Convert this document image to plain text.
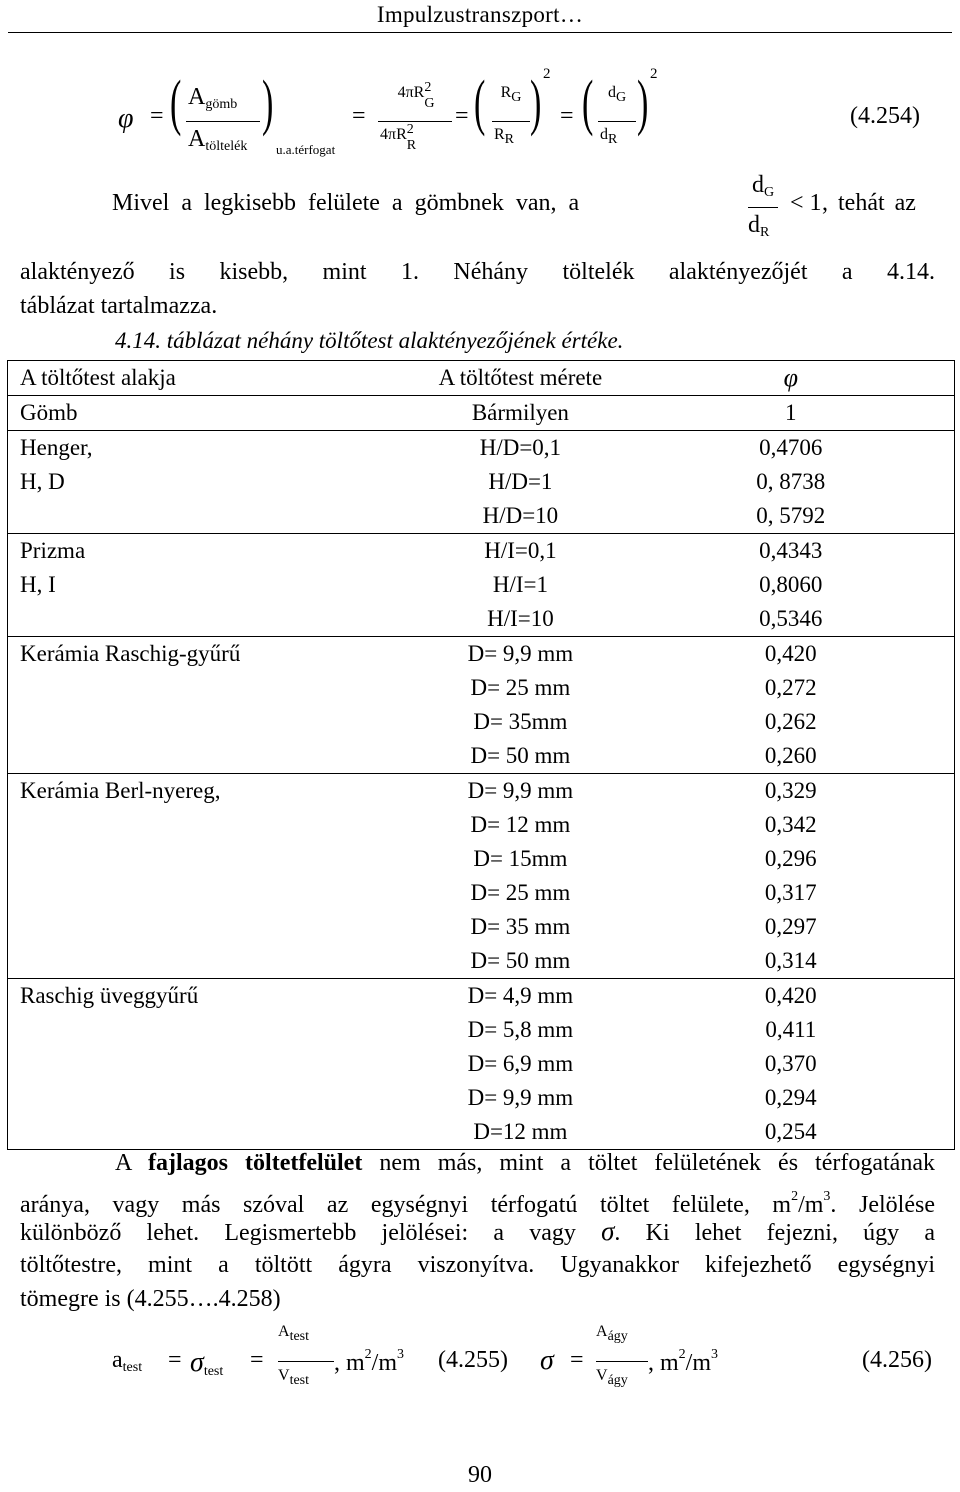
Impulzustranszport…
φ = ( $A_{gömb}$
$A_{töltelék}$
)
u.a.térfogat
=
4πR 2
G
4πR 2
R
= ( RG
RR
) 2
= ( dG
dR
) 2
(4.254)
Mivel a legkisebb felülete a gömbnek van, a
$d_G$
$d_R$
< 1 , tehát az
alaktényező is kisebb, mint 1. Néhány töltelék alaktényezőjét a 4.14.
táblázat tartalmazza.
4.14. táblázat néhány töltőtest alaktényezőjének értéke.
A töltőtest alakja	A töltőtest mérete	φ
Gömb	Bármilyen	1
Henger,	H/D=0,1	0,4706
H, D	H/D=1	0, 8738
	H/D=10	0, 5792
Prizma	H/I=0,1	0,4343
H, I	H/I=1	0,8060
	H/I=10	0,5346
Kerámia Raschig-gyűrű	D= 9,9 mm	0,420
	D= 25 mm	0,272
	D= 35mm	0,262
	D= 50 mm	0,260
Kerámia Berl-nyereg,	D= 9,9 mm	0,329
	D= 12 mm	0,342
	D= 15mm	0,296
	D= 25 mm	0,317
	D= 35 mm	0,297
	D= 50 mm	0,314
Raschig üveggyűrű	D= 4,9 mm	0,420
	D= 5,8 mm	0,411
	D= 6,9 mm	0,370
	D= 9,9 mm	0,294
	D=12 mm	0,254
A fajlagos töltetfelület nem más, mint a töltet felületének és térfogatának
aránya, vagy más szóval az egységnyi térfogatú töltet felülete, $m^2/m^3$. Jelölése
különböző lehet. Legismertebb jelölései: a vagy σ. Ki lehet fejezni, úgy a
töltőtestre, mint a töltött ágyra viszonyítva. Ugyanakkor kifejezhető egységnyi
tömegre is (4.255….4.258)
$a_{test} = \sigma_{test}$ =
Atest
Vtest
, $m^2/m^3$ (4.255) σ =
Aágy
Vágy
, $m^2/m^3$	(4.256)
90
